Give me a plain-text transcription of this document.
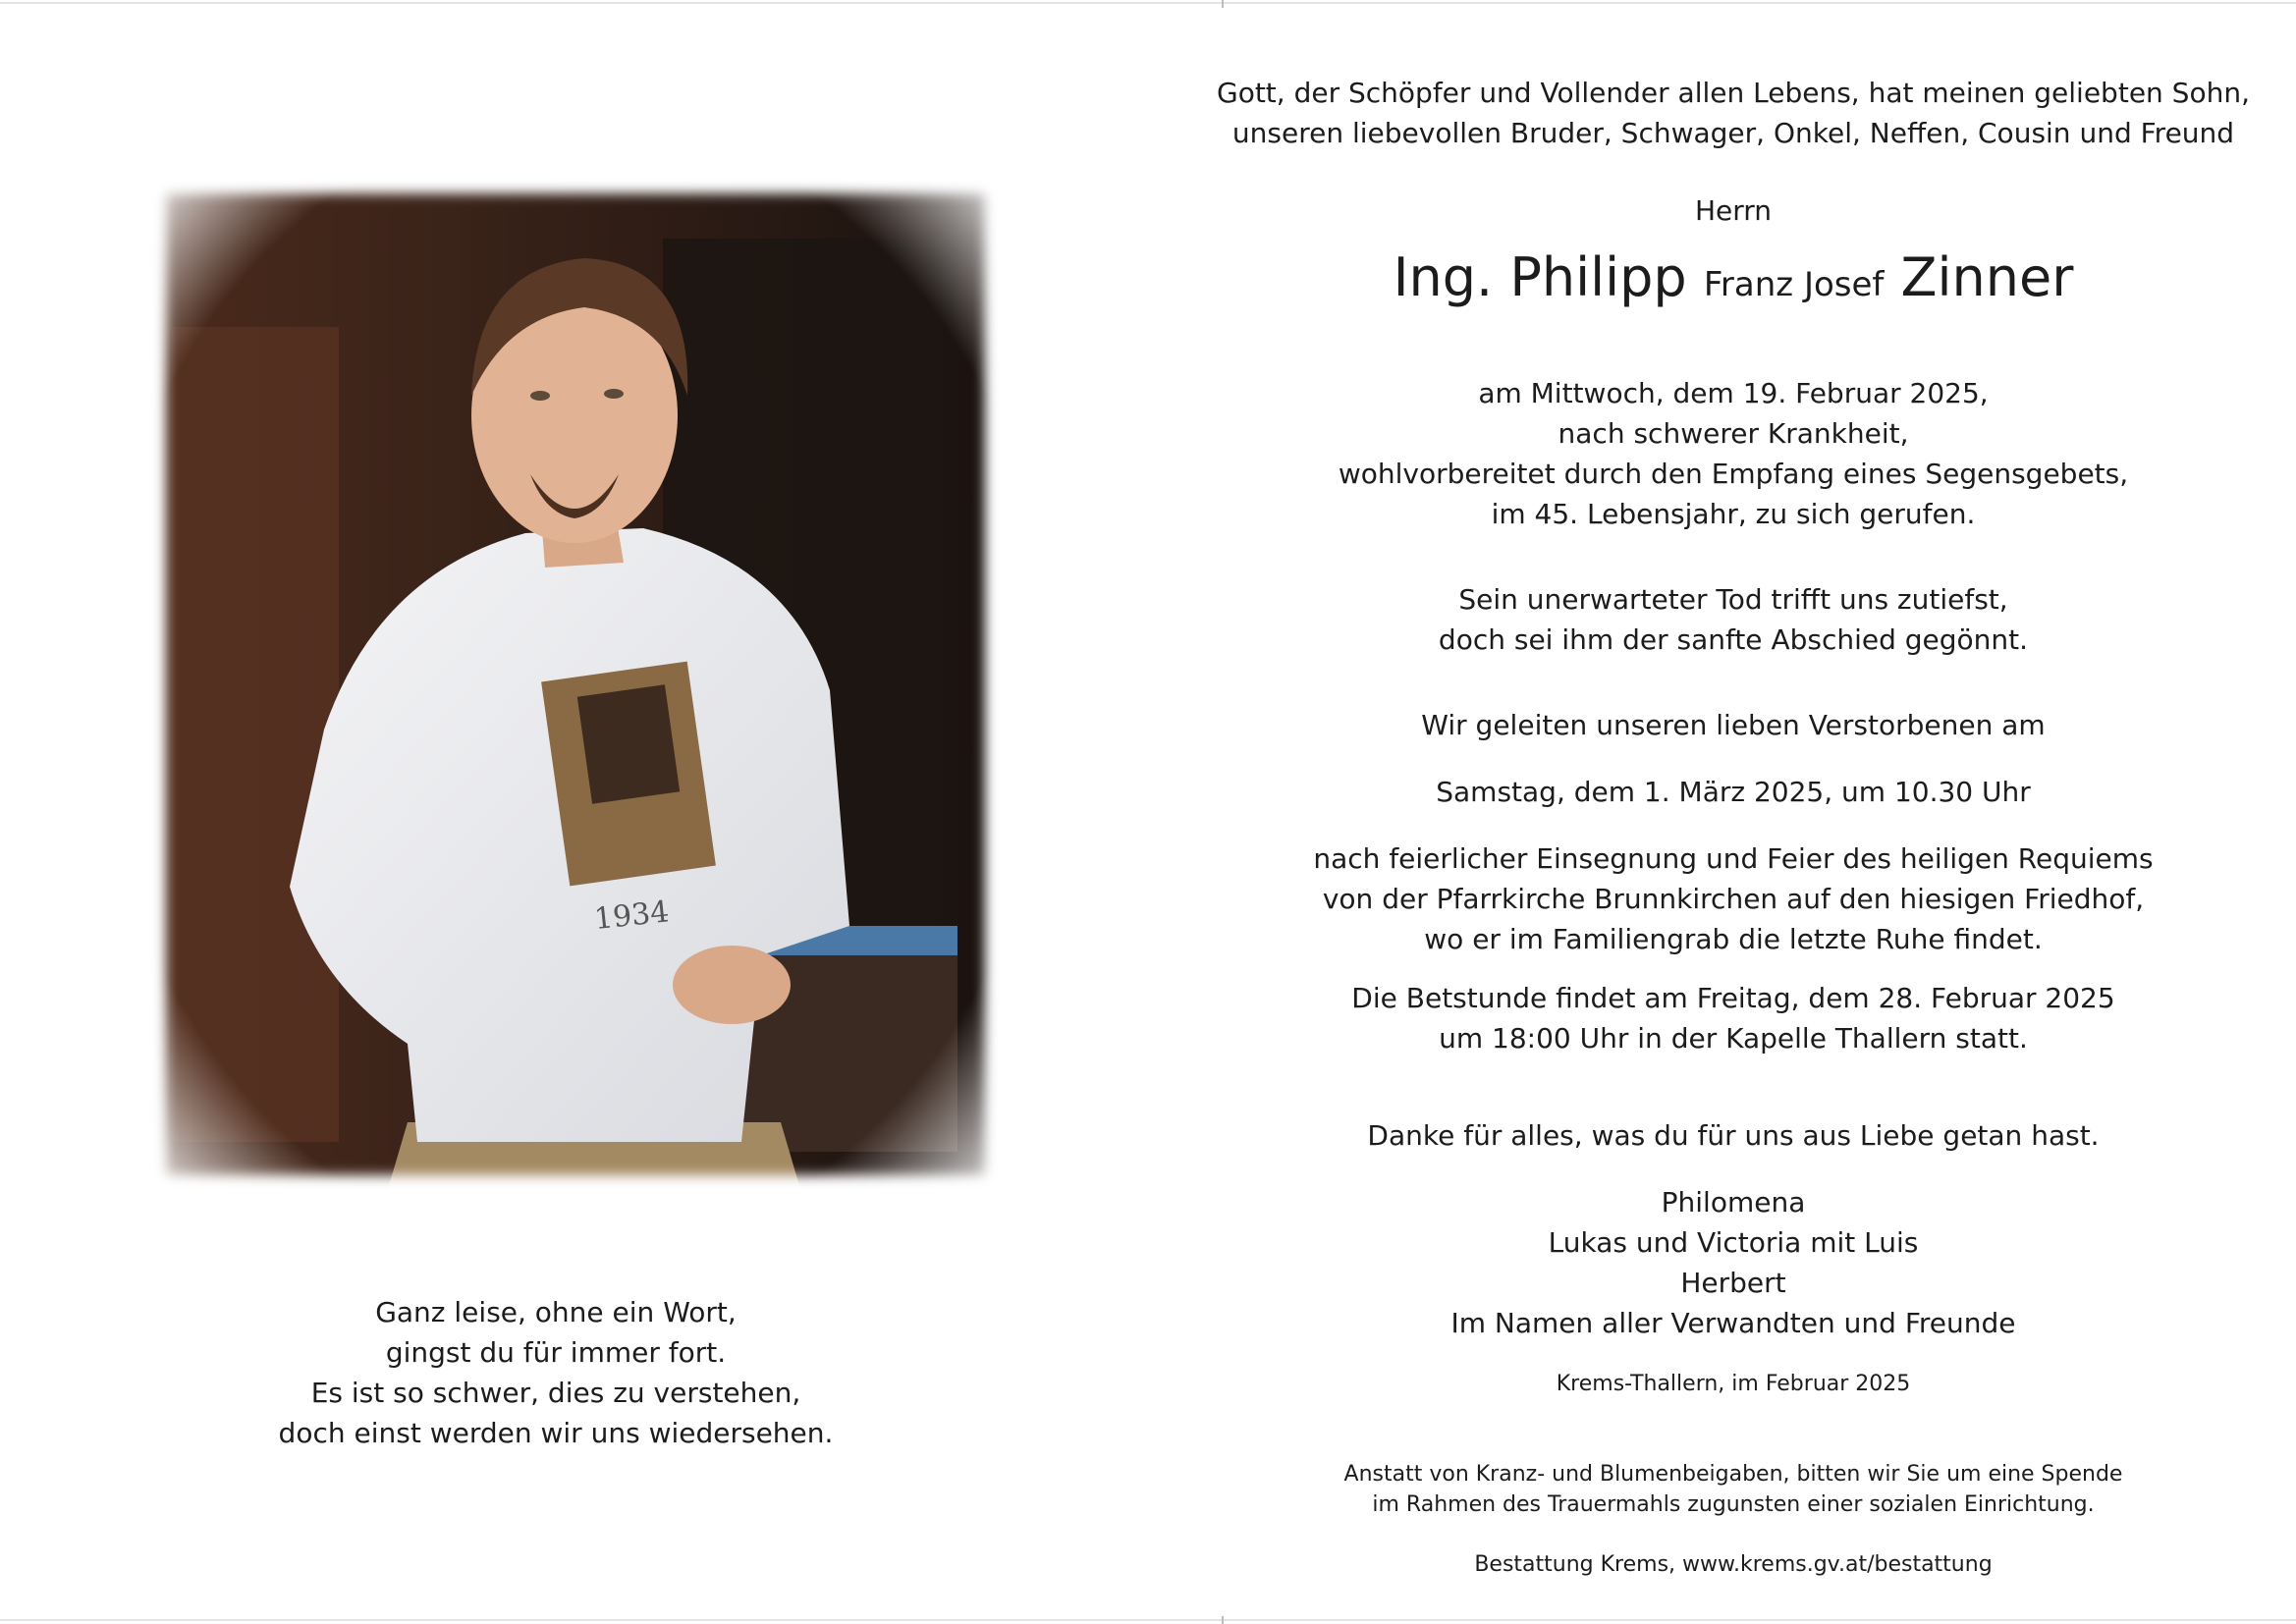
Ganz leise, ohne ein Wort,
gingst du für immer fort.
Es ist so schwer, dies zu verstehen,
doch einst werden wir uns wiedersehen.
Gott, der Schöpfer und Vollender allen Lebens, hat meinen geliebten Sohn,
unseren liebevollen Bruder, Schwager, Onkel, Neffen, Cousin und Freund
Herrn
Ing. Philipp Franz Josef Zinner
am Mittwoch, dem 19. Februar 2025,
nach schwerer Krankheit,
wohlvorbereitet durch den Empfang eines Segensgebets,
im 45. Lebensjahr, zu sich gerufen.
Sein unerwarteter Tod trifft uns zutiefst,
doch sei ihm der sanfte Abschied gegönnt.
Wir geleiten unseren lieben Verstorbenen am
Samstag, dem 1. März 2025, um 10.30 Uhr
nach feierlicher Einsegnung und Feier des heiligen Requiems
von der Pfarrkirche Brunnkirchen auf den hiesigen Friedhof,
wo er im Familiengrab die letzte Ruhe findet.
Die Betstunde findet am Freitag, dem 28. Februar 2025
um 18:00 Uhr in der Kapelle Thallern statt.
Danke für alles, was du für uns aus Liebe getan hast.
Philomena
Lukas und Victoria mit Luis
Herbert
Im Namen aller Verwandten und Freunde
Krems-Thallern, im Februar 2025
Anstatt von Kranz- und Blumenbeigaben, bitten wir Sie um eine Spende
im Rahmen des Trauermahls zugunsten einer sozialen Einrichtung.
Bestattung Krems, www.krems.gv.at/bestattung
